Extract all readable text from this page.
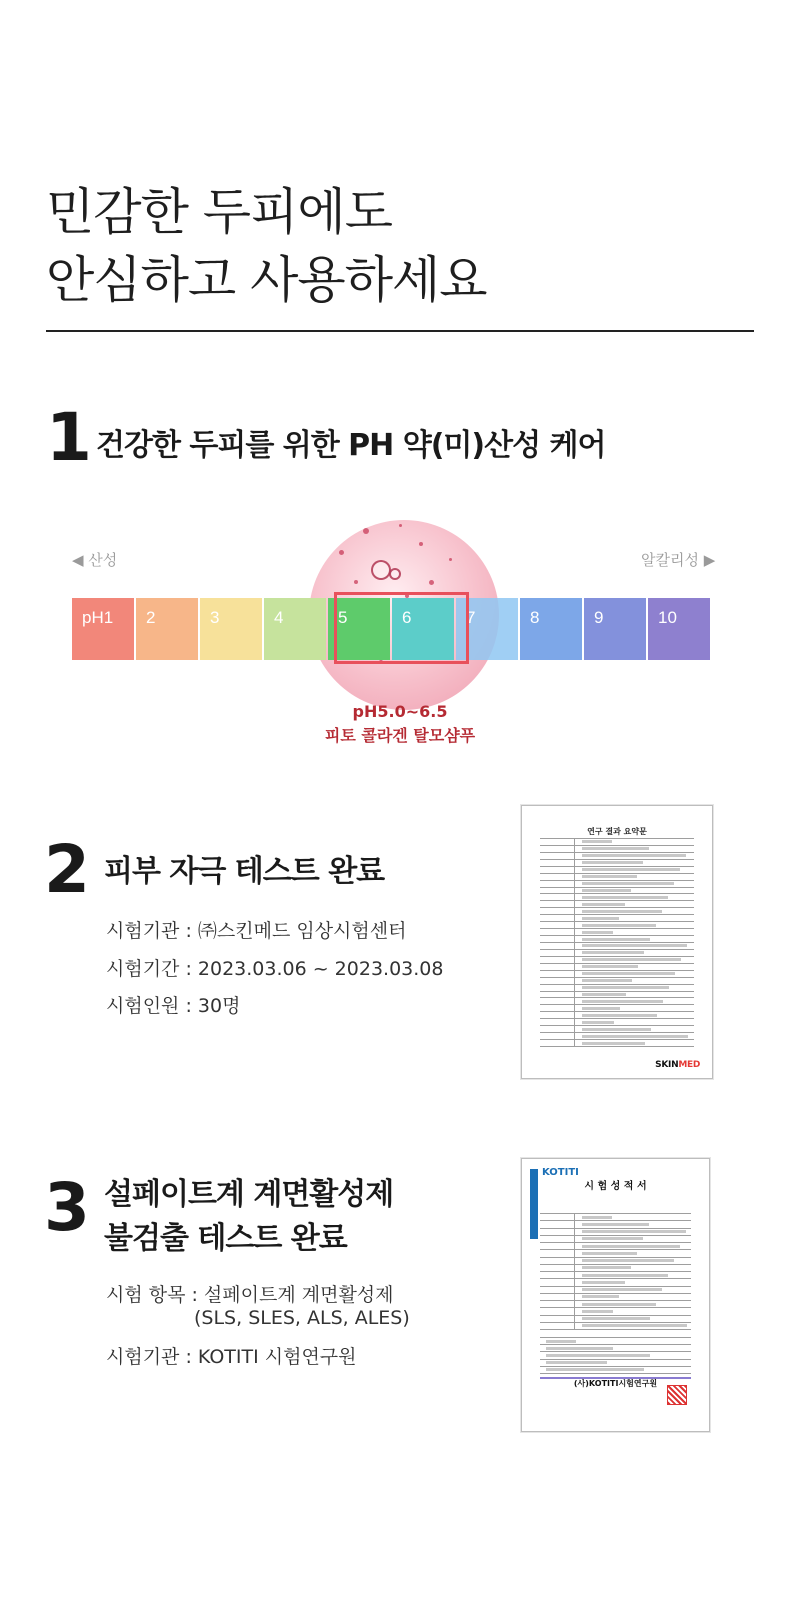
민감한 두피에도
안심하고 사용하세요
1 건강한 두피를 위한 PH 약(미)산성 케어
◀ 산성	알칼리성 ▶
pH1	2	3	4	5	6	7	8	9	10
pH5.0~6.5
피토 콜라겐 탈모샴푸
2 피부 자극 테스트 완료
시험기관 : ㈜스킨메드 임상시험센터
시험기간 : 2023.03.06 ~ 2023.03.08
시험인원 : 30명
연구 결과 요약문
SKINMED
3 설페이트계 계면활성제
불검출 테스트 완료
시험 항목 : 설페이트계 계면활성제
(SLS, SLES, ALS, ALES)
시험기관 : KOTITI 시험연구원
KOTITI
시 험 성 적 서
(사)KOTITI시험연구원
